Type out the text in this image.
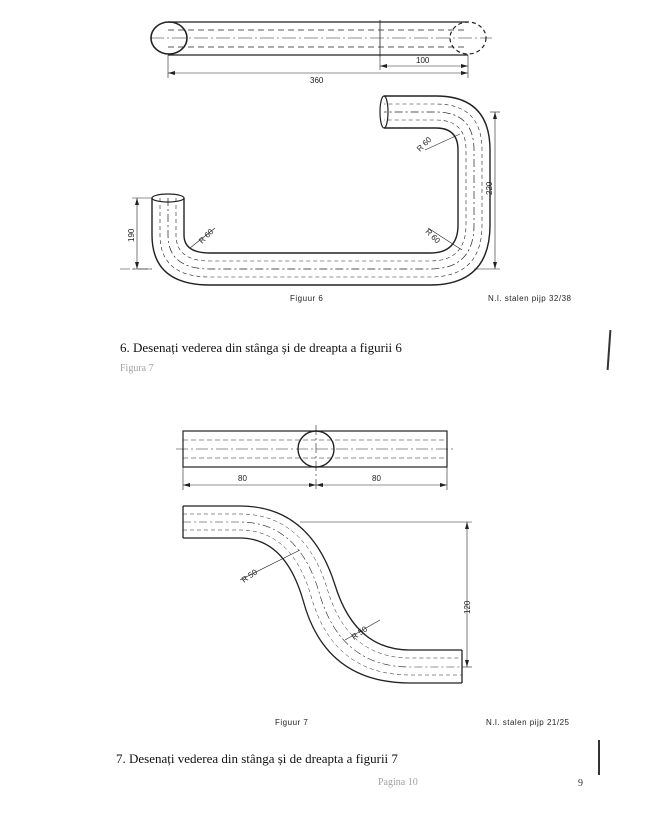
360
100
190
220
R 60
R 60
R 60
Figuur 6	N.l. stalen pijp 32/38
6. Desenați vederea din stânga și de dreapta a figurii 6
Figura 7
80	80
120
R 50
R 50
Figuur 7	N.l. stalen pijp 21/25
7. Desenați vederea din stânga și de dreapta a figurii 7
Pagina 10	9
